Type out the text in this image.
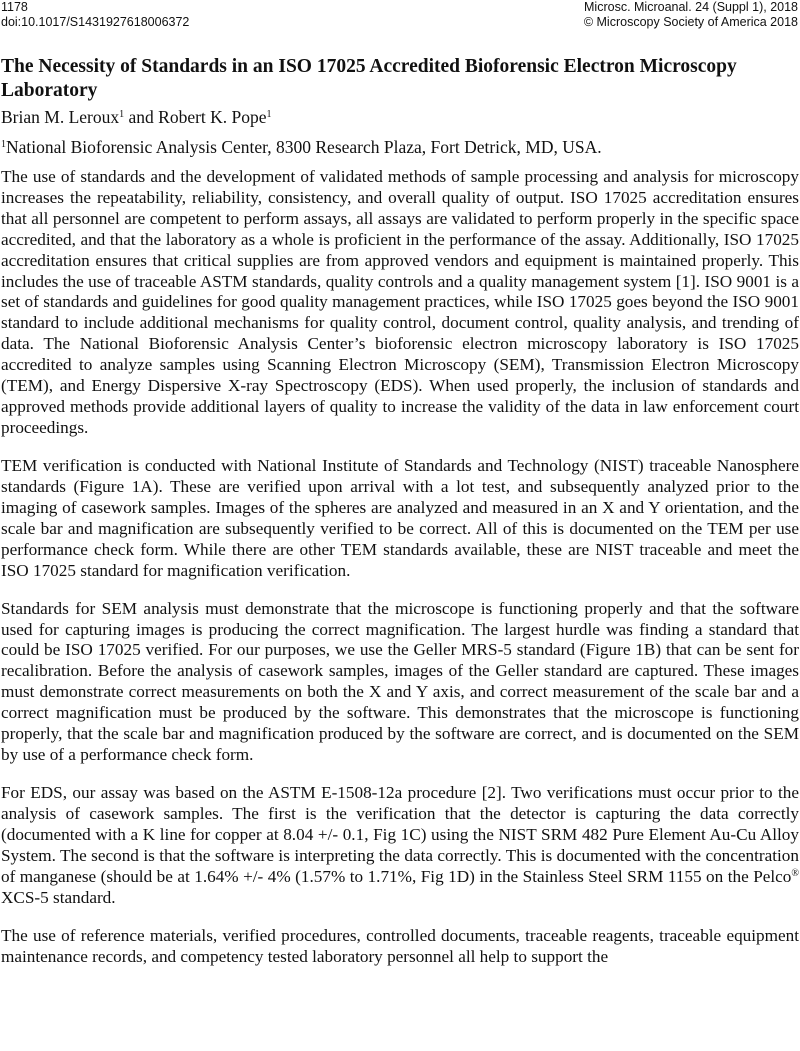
1178
doi:10.1017/S1431927618006372
Microsc. Microanal. 24 (Suppl 1), 2018
© Microscopy Society of America 2018
The Necessity of Standards in an ISO 17025 Accredited Bioforensic Electron Microscopy Laboratory
Brian M. Leroux$^1$ and Robert K. Pope$^1$
$^1$National Bioforensic Analysis Center, 8300 Research Plaza, Fort Detrick, MD, USA.

The use of standards and the development of validated methods of sample processing and analysis for microscopy increases the repeatability, reliability, consistency, and overall quality of output. ISO 17025 accreditation ensures that all personnel are competent to perform assays, all assays are validated to perform properly in the specific space accredited, and that the laboratory as a whole is proficient in the performance of the assay. Additionally, ISO 17025 accreditation ensures that critical supplies are from approved vendors and equipment is maintained properly. This includes the use of traceable ASTM standards, quality controls and a quality management system [1]. ISO 9001 is a set of standards and guidelines for good quality management practices, while ISO 17025 goes beyond the ISO 9001 standard to include additional mechanisms for quality control, document control, quality analysis, and trending of data. The National Bioforensic Analysis Center’s bioforensic electron microscopy laboratory is ISO 17025 accredited to analyze samples using Scanning Electron Microscopy (SEM), Transmission Electron Microscopy (TEM), and Energy Dispersive X-ray Spectroscopy (EDS). When used properly, the inclusion of standards and approved methods provide additional layers of quality to increase the validity of the data in law enforcement court proceedings.

TEM verification is conducted with National Institute of Standards and Technology (NIST) traceable Nanosphere standards (Figure 1A). These are verified upon arrival with a lot test, and subsequently analyzed prior to the imaging of casework samples. Images of the spheres are analyzed and measured in an X and Y orientation, and the scale bar and magnification are subsequently verified to be correct. All of this is documented on the TEM per use performance check form. While there are other TEM standards available, these are NIST traceable and meet the ISO 17025 standard for magnification verification.

Standards for SEM analysis must demonstrate that the microscope is functioning properly and that the software used for capturing images is producing the correct magnification. The largest hurdle was finding a standard that could be ISO 17025 verified. For our purposes, we use the Geller MRS-5 standard (Figure 1B) that can be sent for recalibration. Before the analysis of casework samples, images of the Geller standard are captured. These images must demonstrate correct measurements on both the X and Y axis, and correct measurement of the scale bar and a correct magnification must be produced by the software. This demonstrates that the microscope is functioning properly, that the scale bar and magnification produced by the software are correct, and is documented on the SEM by use of a performance check form.

For EDS, our assay was based on the ASTM E-1508-12a procedure [2]. Two verifications must occur prior to the analysis of casework samples. The first is the verification that the detector is capturing the data correctly (documented with a K line for copper at 8.04 +/- 0.1, Fig 1C) using the NIST SRM 482 Pure Element Au-Cu Alloy System. The second is that the software is interpreting the data correctly. This is documented with the concentration of manganese (should be at 1.64% +/- 4% (1.57% to 1.71%, Fig 1D) in the Stainless Steel SRM 1155 on the Pelco® XCS-5 standard.

The use of reference materials, verified procedures, controlled documents, traceable reagents, traceable equipment maintenance records, and competency tested laboratory personnel all help to support the
